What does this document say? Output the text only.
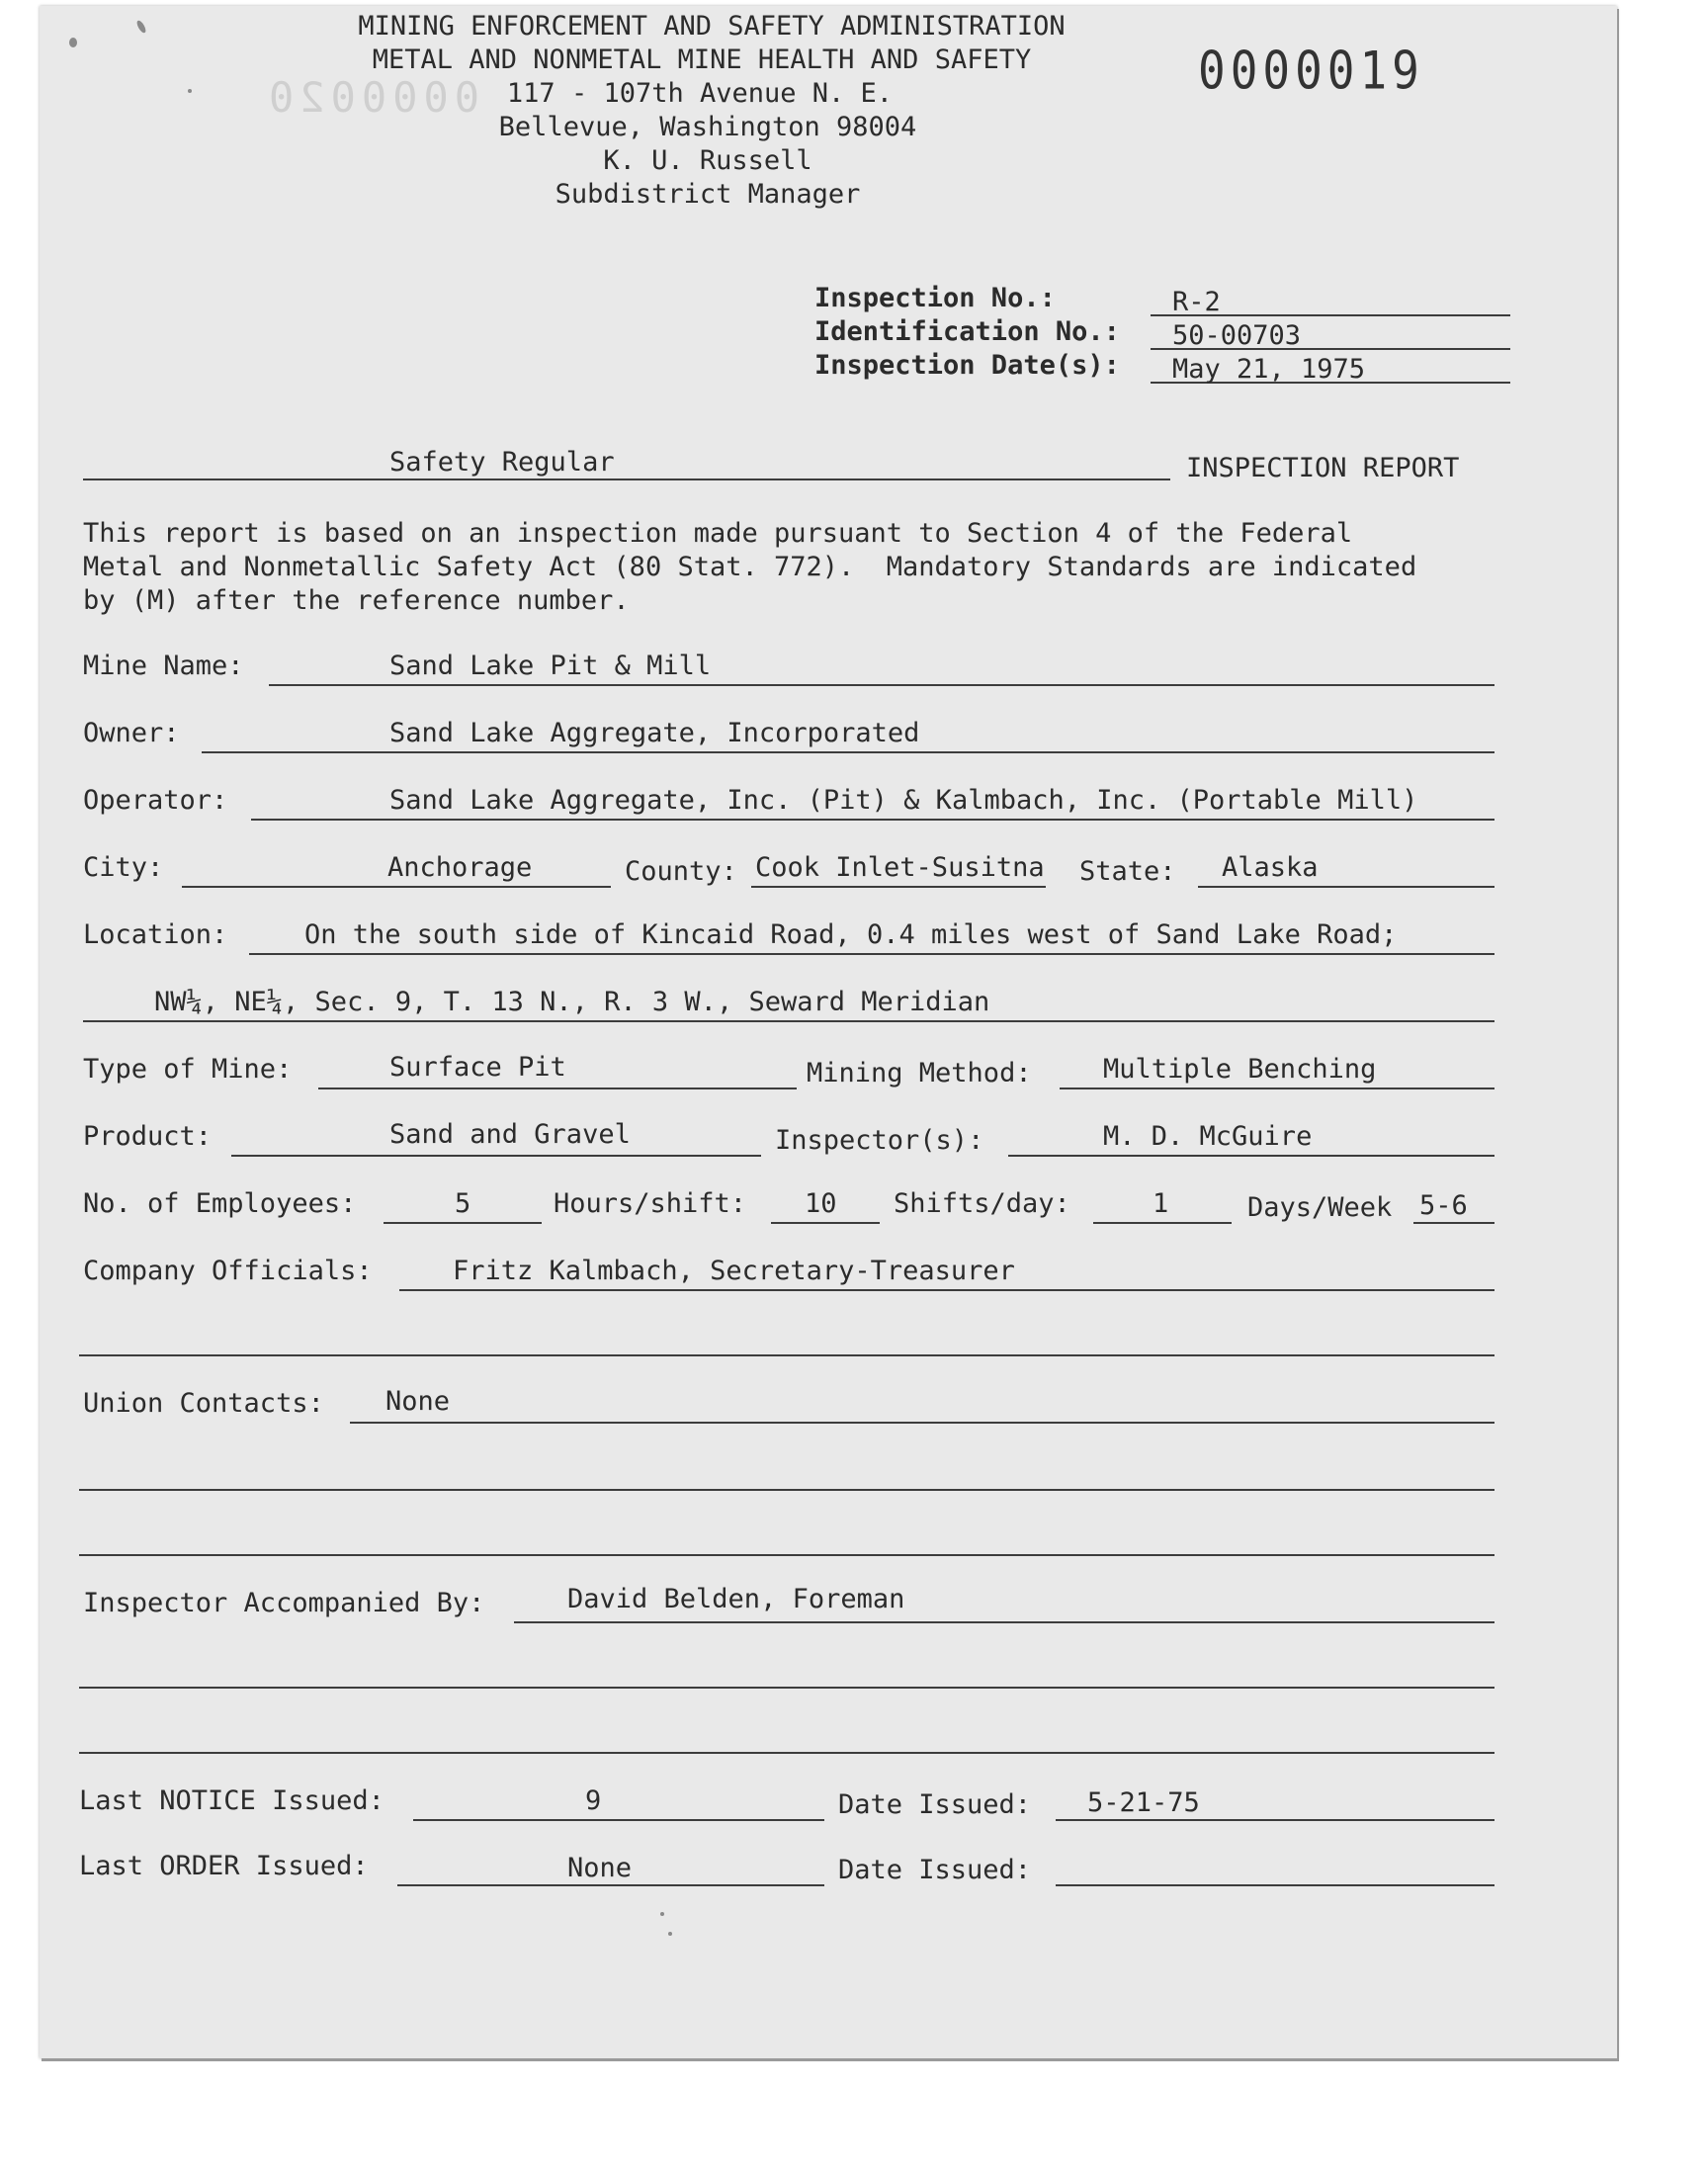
MINING ENFORCEMENT AND SAFETY ADMINISTRATION
METAL AND NONMETAL MINE HEALTH AND SAFETY
117 - 107th Avenue N. E.
Bellevue, Washington 98004
K. U. Russell
Subdistrict Manager
0000019
0000020
Inspection No.:	R-2
Identification No.: 50-00703
Inspection Date(s): May 21, 1975
Safety Regular	INSPECTION REPORT
This report is based on an inspection made pursuant to Section 4 of the Federal
Metal and Nonmetallic Safety Act (80 Stat. 772).  Mandatory Standards are indicated
by (M) after the reference number.
Mine Name:	Sand Lake Pit & Mill
Owner:	Sand Lake Aggregate, Incorporated
Operator:	Sand Lake Aggregate, Inc. (Pit) & Kalmbach, Inc. (Portable Mill)
City:	Anchorage	County: Cook Inlet-Susitna State: Alaska
Location:	On the south side of Kincaid Road, 0.4 miles west of Sand Lake Road;
NW¼, NE¼, Sec. 9, T. 13 N., R. 3 W., Seward Meridian
Type of Mine:	Surface Pit	Mining Method:	Multiple Benching
Product:	Sand and Gravel	Inspector(s):	M. D. McGuire
No. of Employees:	5	Hours/shift: 10 Shifts/day:	1	Days/Week 5-6
Company Officials:	Fritz Kalmbach, Secretary-Treasurer
Union Contacts: None
Inspector Accompanied By:	David Belden, Foreman
Last NOTICE Issued:	9	Date Issued: 5-21-75
Last ORDER Issued:	None	Date Issued:
